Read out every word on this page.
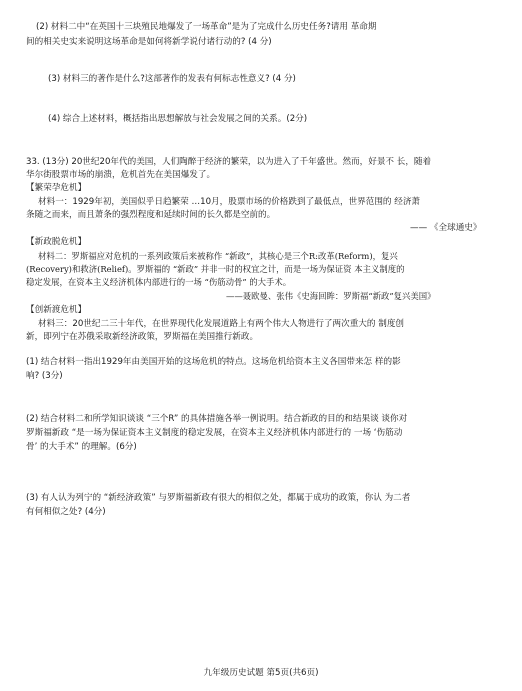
(2) 材料二中“在英国十三块殖民地爆发了一场革命”是为了完成什么历史任务?请用 革命期
间的相关史实来说明这场革命是如何将新学说付诸行动的? (4 分)
(3) 材料三的著作是什么?这部著作的发表有何标志性意义? (4 分)
(4) 综合上述材料，概括指出思想解放与社会发展之间的关系。(2分)
33. (13分) 20世纪20年代的美国，人们陶醉于经济的繁荣，以为进入了千年盛世。然而，好景不 长，随着
华尔街股票市场的崩溃，危机首先在美国爆发了。
【繁荣孕危机】
材料一：1929年初，美国似乎日趋繁荣 …10月，股票市场的价格跌到了最低点，世界范围的 经济萧
条随之而来，而且萧条的强烈程度和延续时间的长久都是空前的。
—— 《全球通史》
【新政脱危机】
材料二：罗斯福应对危机的一系列政策后来被称作 “新政”，其核心是三个R:改革(Reform)，复兴
(Recovery)和救济(Relief)。罗斯福的 “新政” 并非一时的权宜之计，而是一场为保证资 本主义制度的
稳定发展，在资本主义经济机体内部进行的一场 “伤筋动骨” 的大手术。
——聂欧曼、张伟《史海回眸：罗斯福“新政”复兴美国》
【创新渡危机】
材料三：20世纪二三十年代，在世界现代化发展道路上有两个伟大人物进行了两次重大的 制度创
新，即列宁在苏俄采取新经济政策，罗斯福在美国推行新政。
(1) 结合材料一指出1929年由美国开始的这场危机的特点。这场危机给资本主义各国带来怎 样的影
响? (3分)
(2) 结合材料二和所学知识谈谈 “三个R” 的具体措施各举一例说明。结合新政的目的和结果谈 谈你对
罗斯福新政 “是一场为保证资本主义制度的稳定发展，在资本主义经济机体内部进行的 一场 ‘伤筋动
骨’ 的大手术” 的理解。(6分)
(3) 有人认为列宁的 “新经济政策” 与罗斯福新政有很大的相似之处，都属于成功的政策，你认 为二者
有何相似之处? (4分)
九年级历史试题 第5页(共6页)
